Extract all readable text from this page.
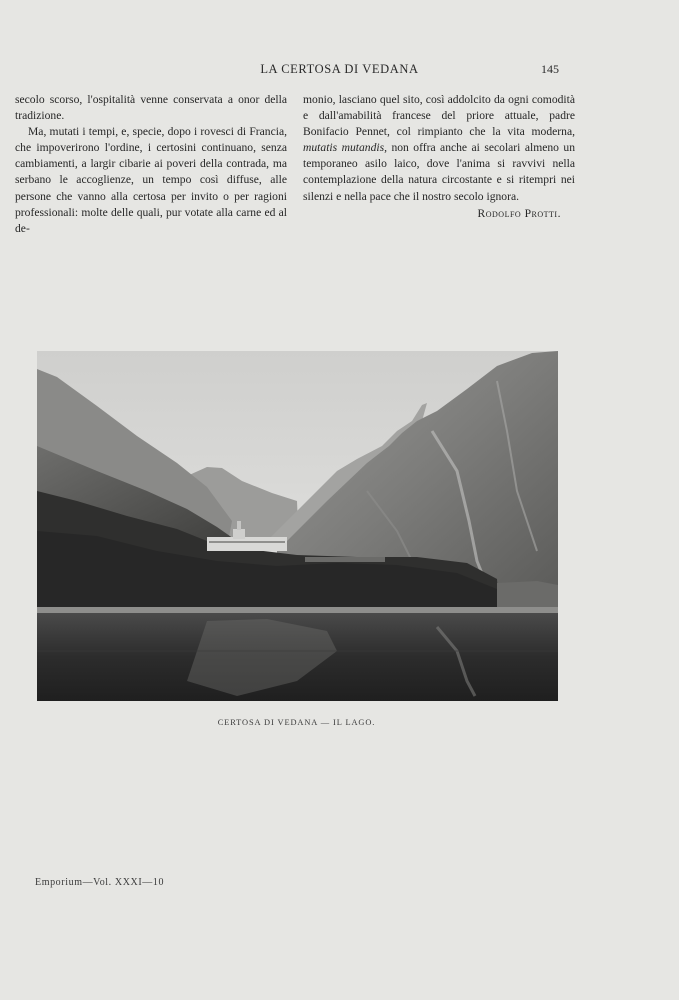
LA CERTOSA DI VEDANA	145

secolo scorso, l'ospitalità venne conservata a onor della tradizione.

Ma, mutati i tempi, e, specie, dopo i rovesci di Francia, che impoverirono l'ordine, i certosini continuano, senza cambiamenti, a largir cibarie ai poveri della contrada, ma serbano le accoglienze, un tempo così diffuse, alle persone che vanno alla certosa per invito o per ragioni professionali: molte delle quali, pur votate alla carne ed al de-

monio, lasciano quel sito, così addolcito da ogni comodità e dall'amabilità francese del priore attuale, padre Bonifacio Pennet, col rimpianto che la vita moderna, mutatis mutandis, non offra anche ai secolari almeno un temporaneo asilo laico, dove l'anima si ravvivi nella contemplazione della natura circostante e si ritempri nei silenzi e nella pace che il nostro secolo ignora.

Rodolfo Protti.
CERTOSA DI VEDANA — IL LAGO.
Emporium—Vol. XXXI—10
